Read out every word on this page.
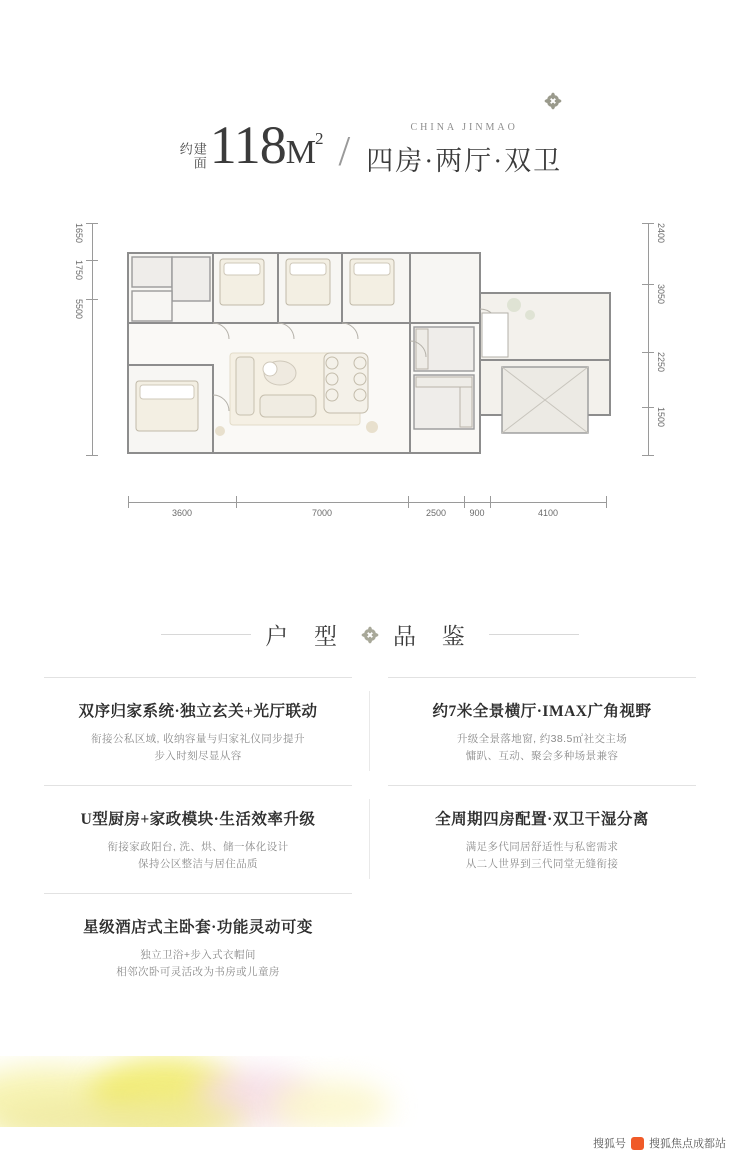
建面约 $118M^2$ /
CHINA JINMAO
四房·两厅·双卫
3600	7000	2500	900	4100
1650
1750
5500
2400
3050
2250
1500
户 型 品 鉴
双序归家系统·独立玄关+光厅联动
衔接公私区域, 收纳容量与归家礼仪同步提升
步入时刻尽显从容
约7米全景横厅·IMAX广角视野
升级全景落地窗, 约38.5㎡社交主场
慵趴、互动、聚会多种场景兼容
U型厨房+家政模块·生活效率升级
衔接家政阳台, 洗、烘、储一体化设计
保持公区整洁与居住品质
全周期四房配置·双卫干湿分离
满足多代同居舒适性与私密需求
从二人世界到三代同堂无缝衔接
星级酒店式主卧套·功能灵动可变
独立卫浴+步入式衣帽间
相邻次卧可灵活改为书房或儿童房
搜狐号 搜狐焦点成都站
